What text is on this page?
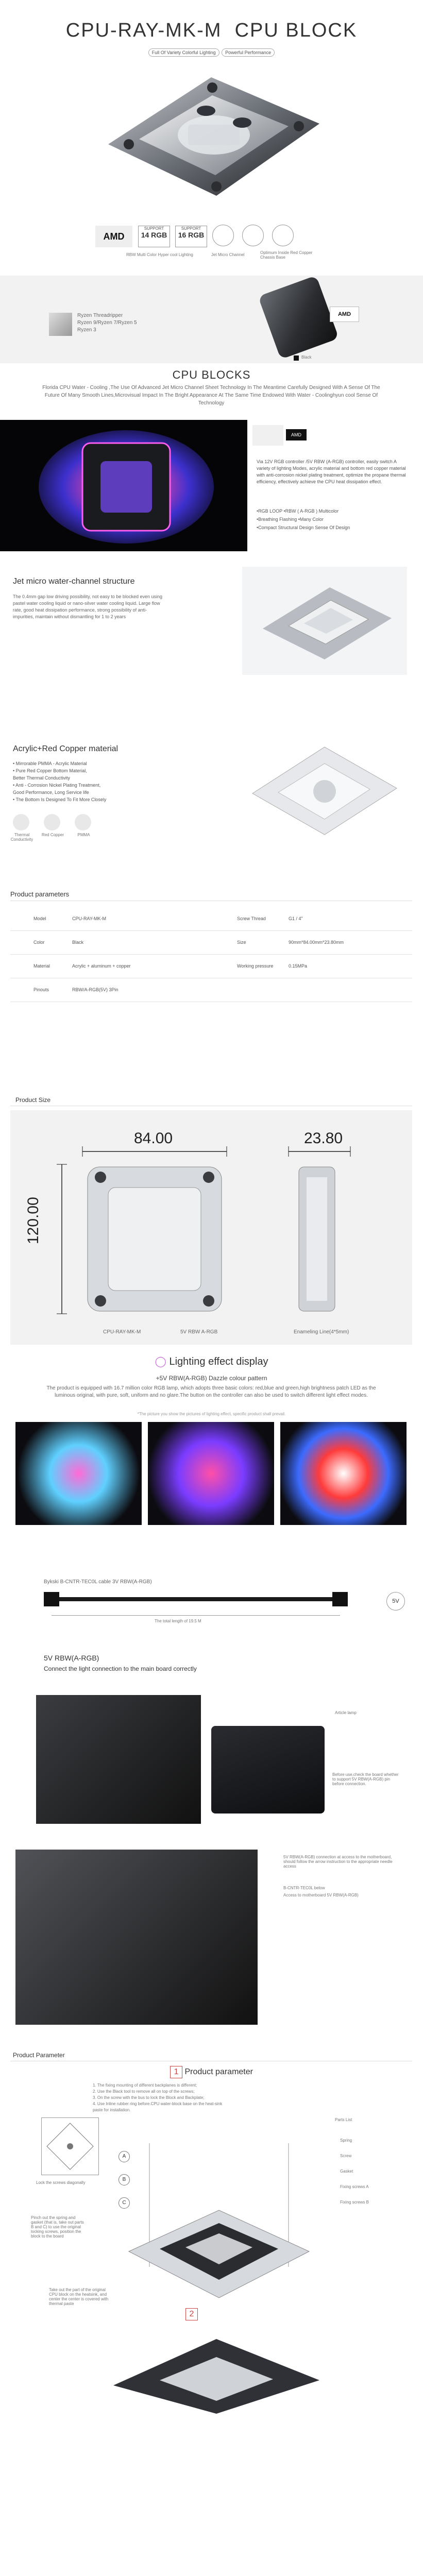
CPU-RAY-MK-M CPU BLOCK
Full Of Variety Colorful Lighting Powerful Performance
AMD
SUPPORT
14 RGB
SUPPORT
16 RGB
RBW Multi Color Hyper cool Lighting	Jet Micro Channel	Optimum Inside Red Copper Chassis Base
Ryzen Threadripper
Ryzen 9/Ryzen 7/Ryzen 5
Ryzen 3
AMD
Black
CPU BLOCKS
Florida CPU Water - Cooling ,The Use Of Advanced Jet Micro Channel Sheet Technology In The Meantime Carefully Designed With A Sense Of The Future Of Many Smooth Lines,Microvisual Impact In The Bright Appearance At The Same Time Endowed With Water - Coolinghyun cool Sense Of Technology
AMD
Via 12V RGB controller /5V RBW (A-RGB) controller, easily switch A variety of lighting Modes, acrylic material and bottom red copper material with anti-corrosion nickel plating treatment, optimize the propane thermal efficiency, effectively achieve the CPU heat dissipation effect.
•RGB LOOP •RBW ( A-RGB ) Multicolor
•Breathing Flashing •Many Color
•Compact Structural Design Sense Of Design
Jet micro water-channel structure
The 0.4mm gap low driving possibility, not easy to be blocked even using pastel water cooling liquid or nano-silver water cooling liquid. Large flow rate, good heat dissipation performance, strong possibility of anti-impurities, maintain without dismantling for 1 to 2 years
Acrylic+Red Copper material
• Mirrorable PMMA - Acrylic Material
• Pure Red Copper Bottom Material,
Better Thermal Conductivity
• Anti - Corrosion Nickel Plating Treatment,
Good Performance, Long Service life
• The Bottom Is Designed To Fit More Closely
Thermal Conductivity
Red Copper	PMMA
Product parameters
Model	CPU-RAY-MK-M	Screw Thread	G1 / 4"
Color	Black	Size	90mm*84.00mm*23.80mm
Material	Acrylic + aluminum + copper	Working pressure	0.15MPa
Pinouts	RBW/A-RGB(5V) 3Pin
Product Size
84.00	23.80
120.00
CPU-RAY-MK-M	5V RBW A-RGB	Enameling Line(4*5mm)
◯ Lighting effect display
+5V RBW(A-RGB) Dazzle colour pattern
The product is equipped with 16.7 million color RGB lamp, which adopts three basic colors: red,blue and green,high brightness patch LED as the luminous original, with pure, soft, uniform and no glare.The button on the controller can also be used to switch different light effect modes.
*The picture you show the pictures of lighting effect, specific product shall prevail.
Bykski B-CNTR-TEC0L cable 3V RBW(A-RGB)
5V
The total length of 19.5 M
5V RBW(A-RGB)
Connect the light connection to the main board correctly
Article lamp
Before use,check the board whether to support 5V RBW(A-RGB) pin before connection.
5V RBW(A-RGB) connection at access to the motherboard, should follow the arrow instruction to the appropriate needle access
B-CNTR-TEC0L below
Access to motherboard 5V RBW(A-RGB)
Product Parameter
1 Product parameter
1. The fixing mounting of different backplanes is different;
2. Use the Black tool to remove all on top of the screws;
3. On the screw with the bus to lock the Block and Backplate;
4. Use Inline rubber ring before.CPU water-block base on the heat-sink
paste for installation.
Lock the screws diagonally
Pinch out the spring and gasket (that is, take out parts B and C) to use the original locking screws, position the block to the board
Parts List
A
B
C
Spring
Screw
Gasket
Fixing screws A
Fixing screws B
2
Take out the part of the original CPU block on the heatsink, and center the center is covered with thermal paste
